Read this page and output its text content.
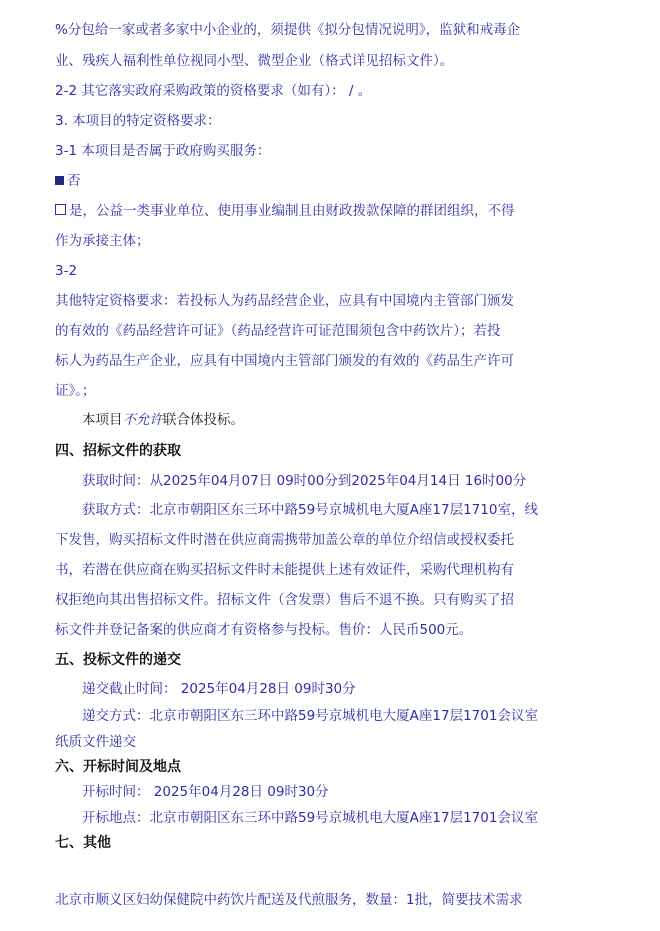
%分包给一家或者多家中小企业的，须提供《拟分包情况说明》，监狱和戒毒企
业、残疾人福利性单位视同小型、微型企业（格式详见招标文件）。
2-2 其它落实政府采购政策的资格要求（如有）： / 。
3. 本项目的特定资格要求：
3-1 本项目是否属于政府购买服务：
否
是，公益一类事业单位、使用事业编制且由财政拨款保障的群团组织，不得
作为承接主体；
3-2
其他特定资格要求：若投标人为药品经营企业，应具有中国境内主管部门颁发
的有效的《药品经营许可证》（药品经营许可证范围须包含中药饮片）；若投
标人为药品生产企业，应具有中国境内主管部门颁发的有效的《药品生产许可
证》。；
本项目不允许联合体投标。
四、招标文件的获取
获取时间：从2025年04月07日 09时00分到2025年04月14日 16时00分
获取方式：北京市朝阳区东三环中路59号京城机电大厦A座17层1710室，线
下发售，购买招标文件时潜在供应商需携带加盖公章的单位介绍信或授权委托
书，若潜在供应商在购买招标文件时未能提供上述有效证件，采购代理机构有
权拒绝向其出售招标文件。招标文件（含发票）售后不退不换。只有购买了招
标文件并登记备案的供应商才有资格参与投标。售价：人民币500元。
五、投标文件的递交
递交截止时间： 2025年04月28日 09时30分
递交方式：北京市朝阳区东三环中路59号京城机电大厦A座17层1701会议室
纸质文件递交
六、开标时间及地点
开标时间： 2025年04月28日 09时30分
开标地点：北京市朝阳区东三环中路59号京城机电大厦A座17层1701会议室
七、其他
北京市顺义区妇幼保健院中药饮片配送及代煎服务，数量：1批，简要技术需求
